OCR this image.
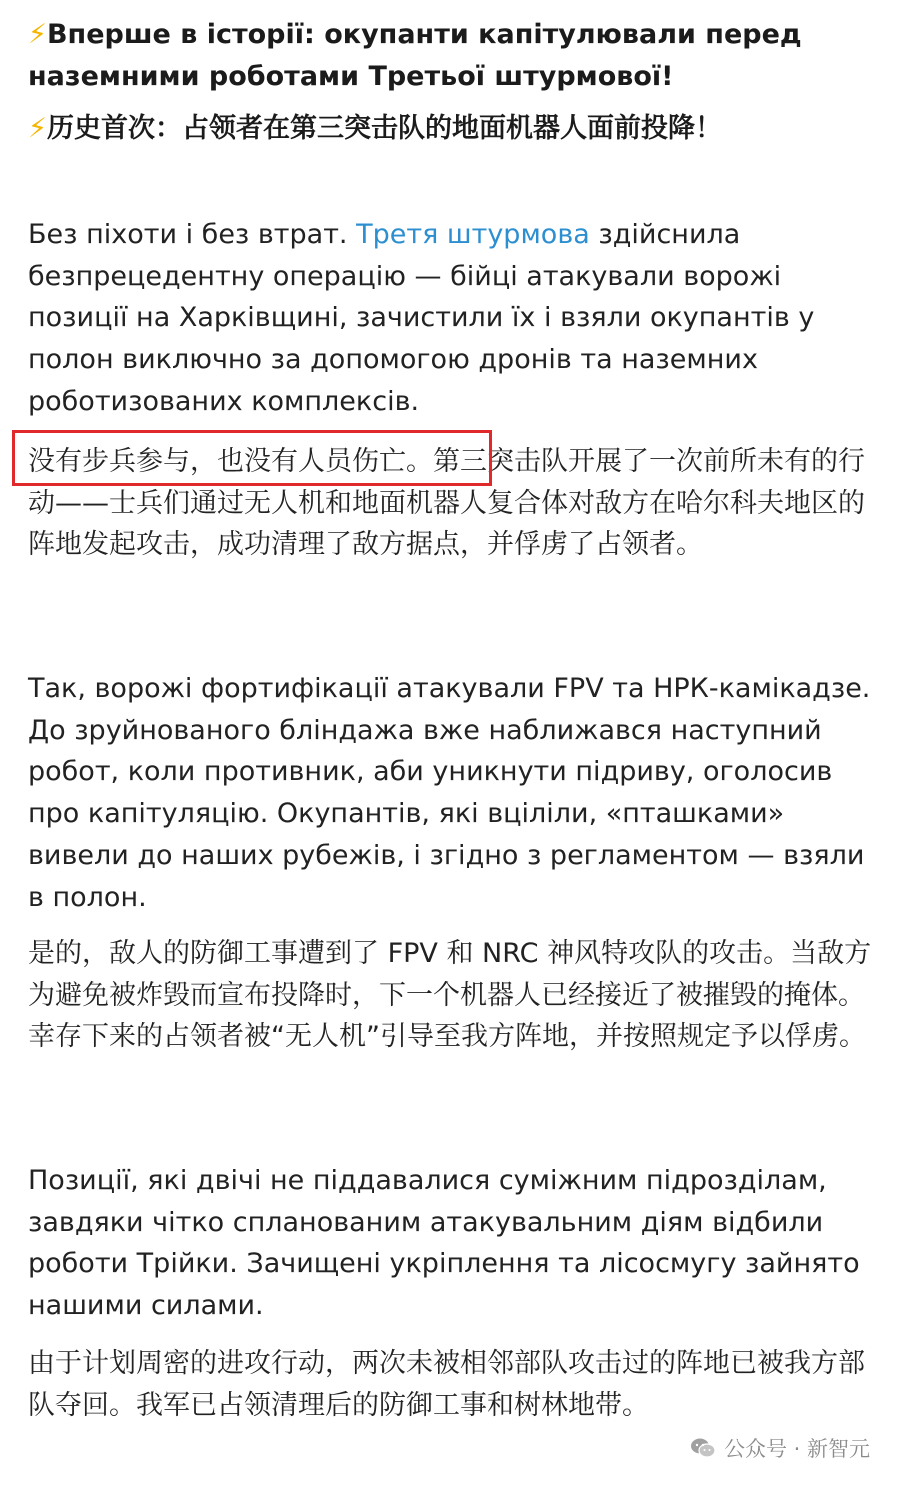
⚡Вперше в історії: окупанти капітулювали перед наземними роботами Третьої штурмової!
⚡历史首次：占领者在第三突击队的地面机器人面前投降！

Без піхоти і без втрат. Третя штурмова здійснила безпрецедентну операцію — бійці атакували ворожі позиції на Харківщині, зачистили їх і взяли окупантів у полон виключно за допомогою дронів та наземних роботизованих комплексів.

没有步兵参与，也没有人员伤亡。第三突击队开展了一次前所未有的行动——士兵们通过无人机和地面机器人复合体对敌方在哈尔科夫地区的阵地发起攻击，成功清理了敌方据点，并俘虏了占领者。

Так, ворожі фортифікації атакували FPV та НРК-камікадзе. До зруйнованого бліндажа вже наближався наступний робот, коли противник, аби уникнути підриву, оголосив про капітуляцію. Окупантів, які вціліли, «пташками» вивели до наших рубежів, і згідно з регламентом — взяли в полон.

是的，敌人的防御工事遭到了 FPV 和 NRC 神风特攻队的攻击。当敌方为避免被炸毁而宣布投降时，下一个机器人已经接近了被摧毁的掩体。幸存下来的占领者被“无人机”引导至我方阵地，并按照规定予以俘虏。

Позиції, які двічі не піддавалися суміжним підрозділам, завдяки чітко спланованим атакувальним діям відбили роботи Трійки. Зачищені укріплення та лісосмугу зайнято нашими силами.

由于计划周密的进攻行动，两次未被相邻部队攻击过的阵地已被我方部队夺回。我军已占领清理后的防御工事和树林地带。

公众号 · 新智元
